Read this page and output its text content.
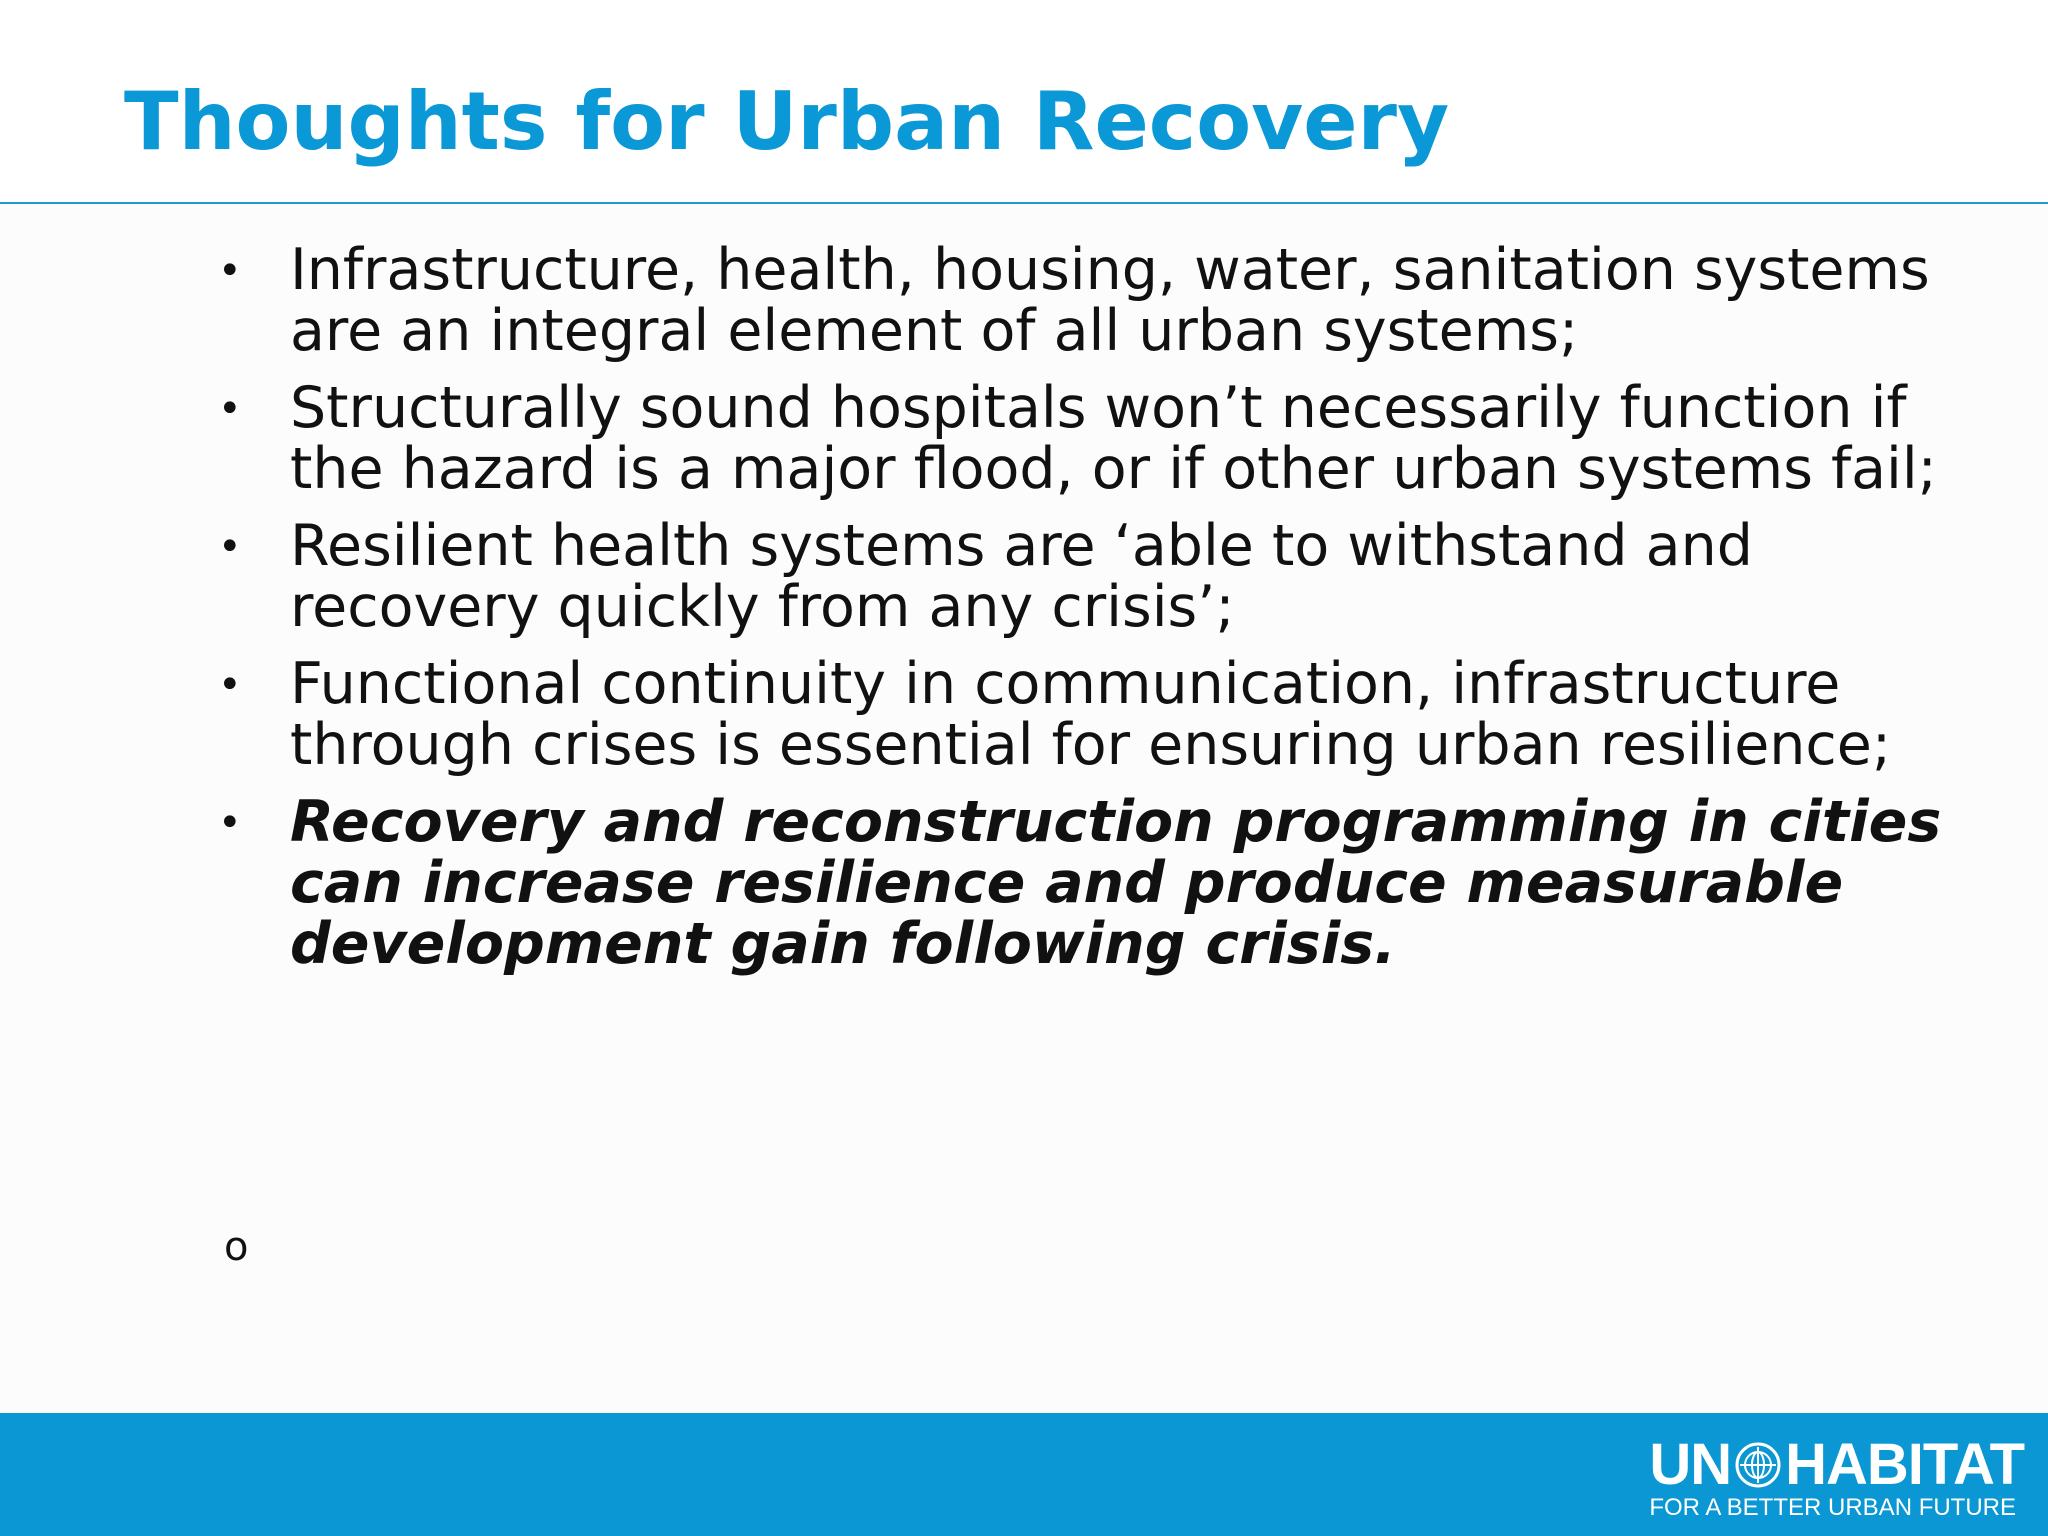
Thoughts for Urban Recovery
• Infrastructure, health, housing, water, sanitation systems are an integral element of all urban systems;
• Structurally sound hospitals won’t necessarily function if the hazard is a major flood, or if other urban systems fail;
• Resilient health systems are ‘able to withstand and recovery quickly from any crisis’;
• Functional continuity in communication, infrastructure through crises is essential for ensuring urban resilience;
• Recovery and reconstruction programming in cities can increase resilience and produce measurable development gain following crisis.
o
UN HABITAT
FOR A BETTER URBAN FUTURE
